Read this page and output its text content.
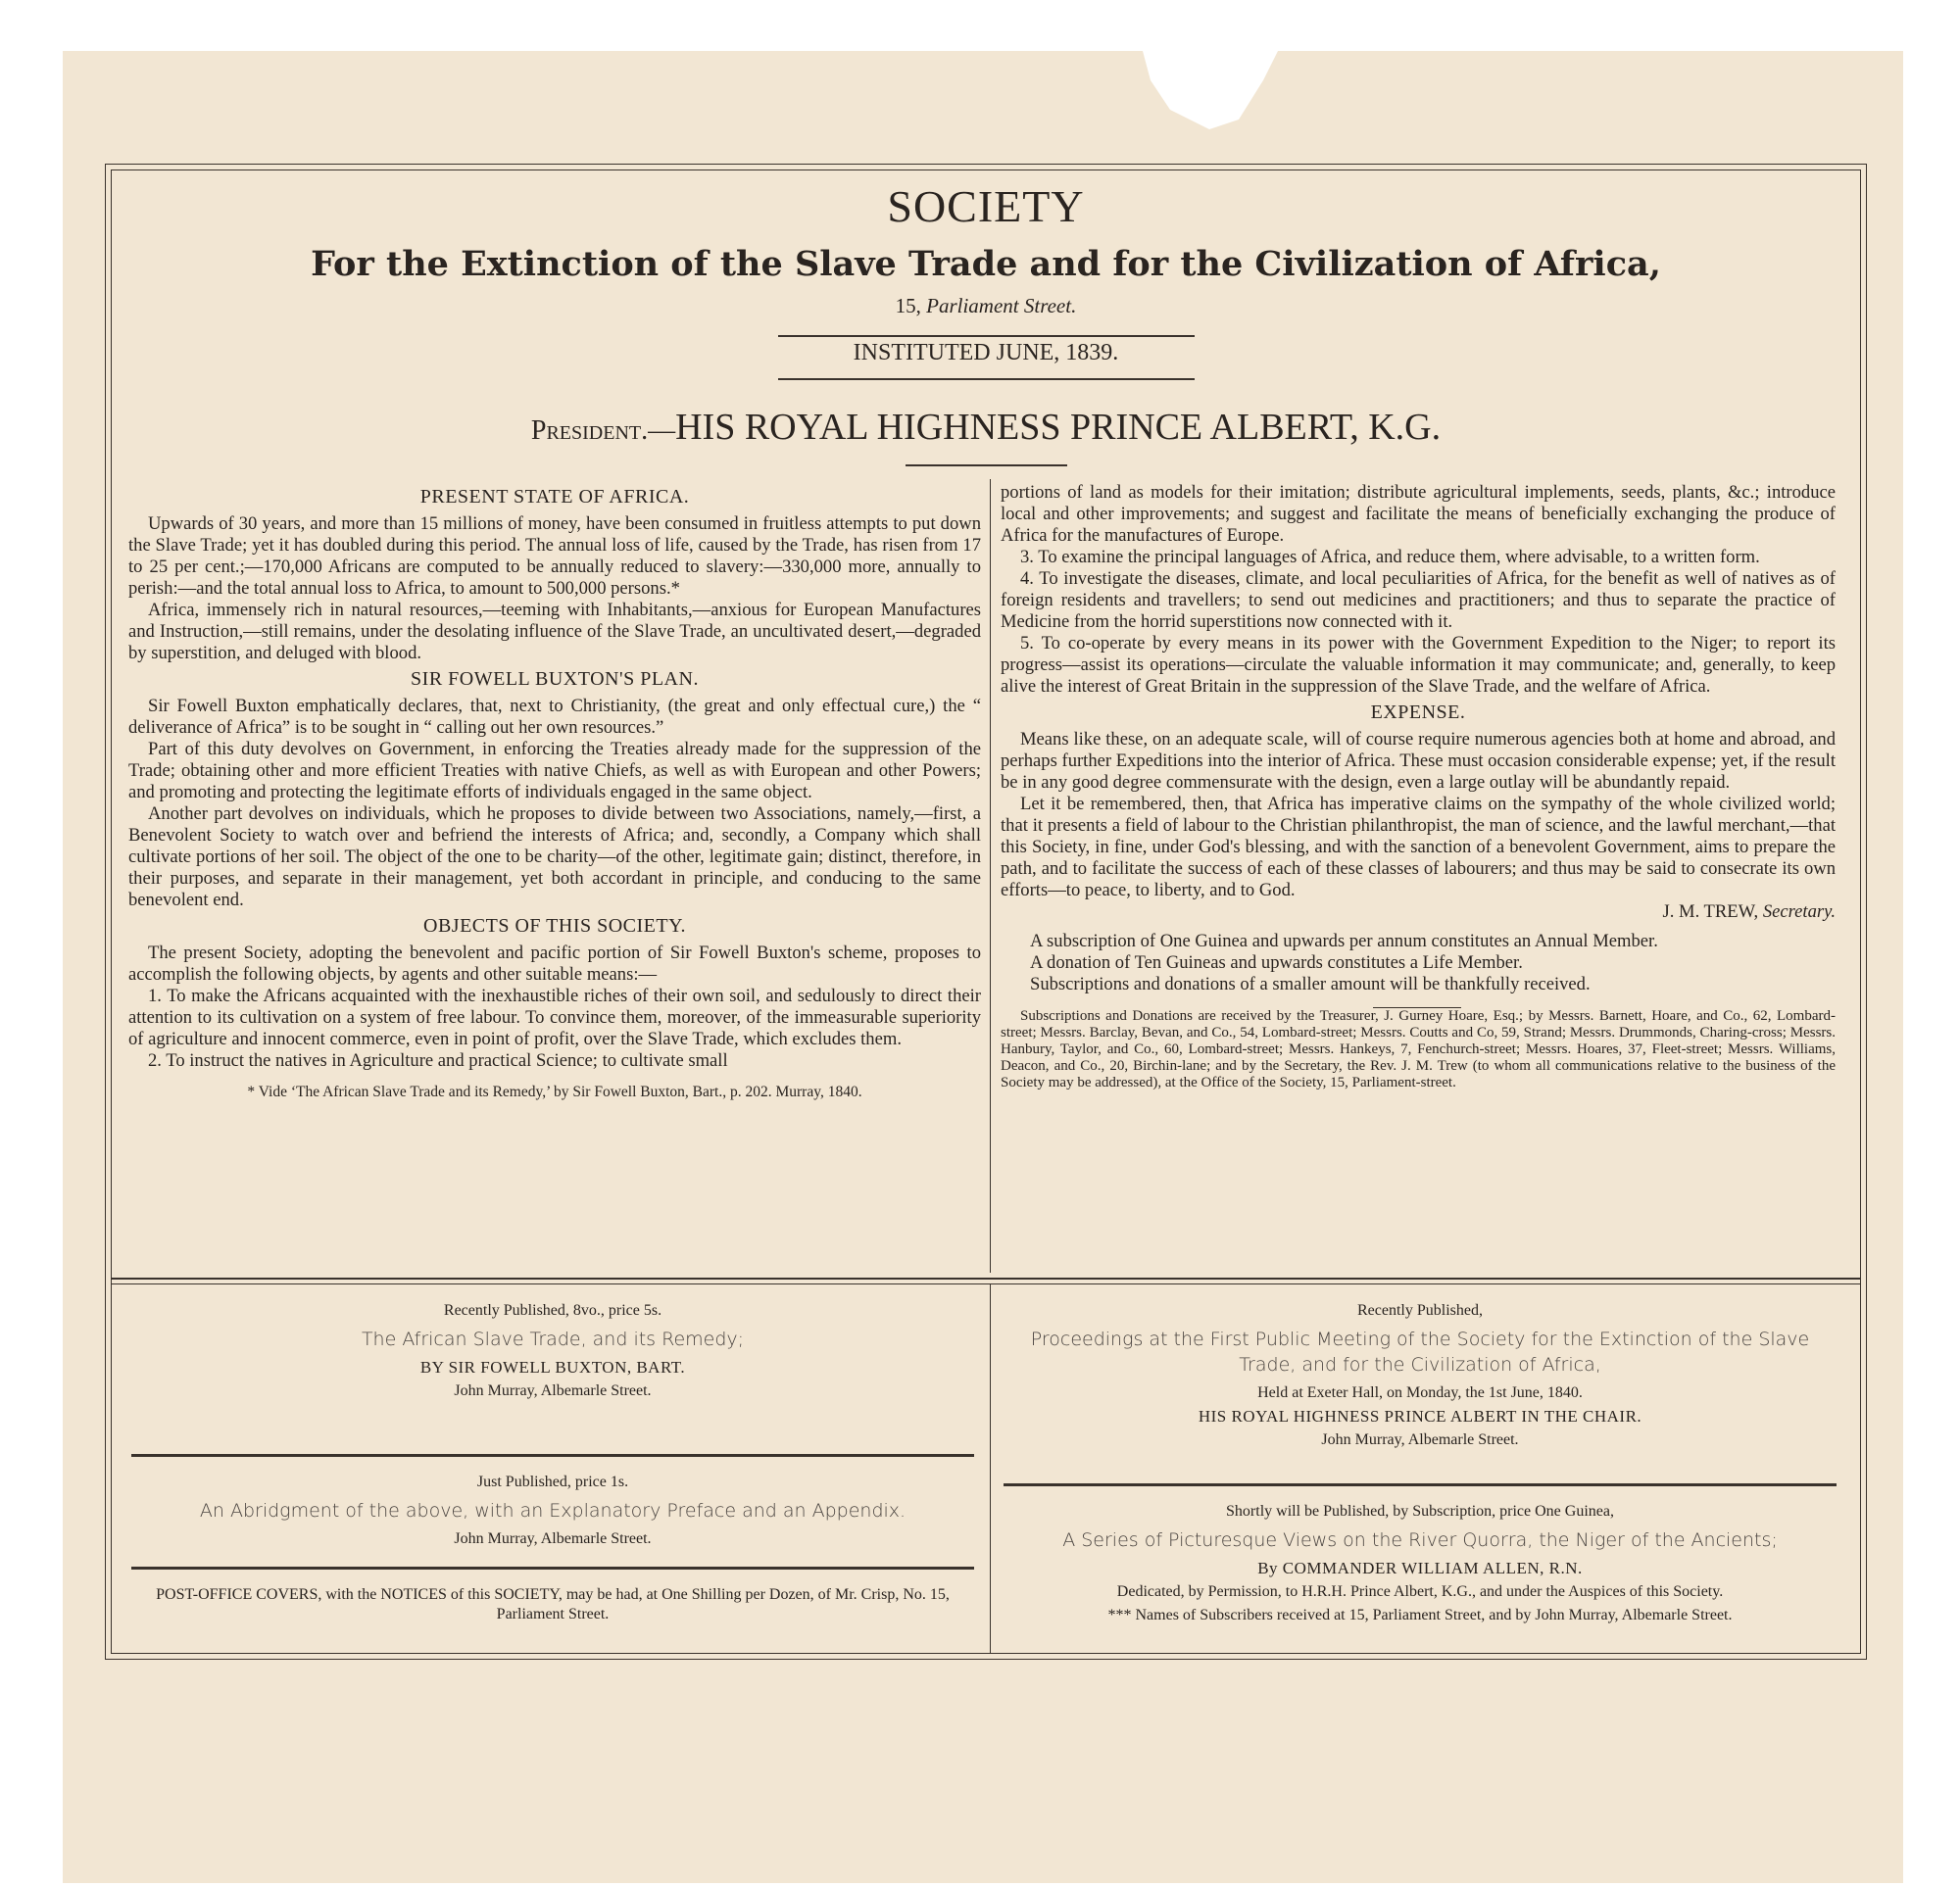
SOCIETY
For the Extinction of the Slave Trade and for the Civilization of Africa,
15, Parliament Street.
INSTITUTED JUNE, 1839.
President.—HIS ROYAL HIGHNESS PRINCE ALBERT, K.G.
PRESENT STATE OF AFRICA.

Upwards of 30 years, and more than 15 millions of money, have been consumed in fruitless attempts to put down the Slave Trade; yet it has doubled during this period. The annual loss of life, caused by the Trade, has risen from 17 to 25 per cent.;—170,000 Africans are computed to be annually reduced to slavery:—330,000 more, annually to perish:—and the total annual loss to Africa, to amount to 500,000 persons.*

Africa, immensely rich in natural resources,—teeming with Inhabitants,—anxious for European Manufactures and Instruction,—still remains, under the desolating influence of the Slave Trade, an uncultivated desert,—degraded by superstition, and deluged with blood.

SIR FOWELL BUXTON'S PLAN.

Sir Fowell Buxton emphatically declares, that, next to Christianity, (the great and only effectual cure,) the “ deliverance of Africa” is to be sought in “ calling out her own resources.”

Part of this duty devolves on Government, in enforcing the Treaties already made for the suppression of the Trade; obtaining other and more efficient Treaties with native Chiefs, as well as with European and other Powers; and promoting and protecting the legitimate efforts of individuals engaged in the same object.

Another part devolves on individuals, which he proposes to divide between two Associations, namely,—first, a Benevolent Society to watch over and befriend the interests of Africa; and, secondly, a Company which shall cultivate portions of her soil. The object of the one to be charity—of the other, legitimate gain; distinct, therefore, in their purposes, and separate in their management, yet both accordant in principle, and conducing to the same benevolent end.

OBJECTS OF THIS SOCIETY.

The present Society, adopting the benevolent and pacific portion of Sir Fowell Buxton's scheme, proposes to accomplish the following objects, by agents and other suitable means:—

1. To make the Africans acquainted with the inexhaustible riches of their own soil, and sedulously to direct their attention to its cultivation on a system of free labour. To convince them, moreover, of the immeasurable superiority of agriculture and innocent commerce, even in point of profit, over the Slave Trade, which excludes them.

2. To instruct the natives in Agriculture and practical Science; to cultivate small

* Vide ‘The African Slave Trade and its Remedy,’ by Sir Fowell Buxton, Bart., p. 202. Murray, 1840.

portions of land as models for their imitation; distribute agricultural implements, seeds, plants, &c.; introduce local and other improvements; and suggest and facilitate the means of beneficially exchanging the produce of Africa for the manufactures of Europe.

3. To examine the principal languages of Africa, and reduce them, where advisable, to a written form.

4. To investigate the diseases, climate, and local peculiarities of Africa, for the benefit as well of natives as of foreign residents and travellers; to send out medicines and practitioners; and thus to separate the practice of Medicine from the horrid superstitions now connected with it.

5. To co-operate by every means in its power with the Government Expedition to the Niger; to report its progress—assist its operations—circulate the valuable information it may communicate; and, generally, to keep alive the interest of Great Britain in the suppression of the Slave Trade, and the welfare of Africa.

EXPENSE.

Means like these, on an adequate scale, will of course require numerous agencies both at home and abroad, and perhaps further Expeditions into the interior of Africa. These must occasion considerable expense; yet, if the result be in any good degree commensurate with the design, even a large outlay will be abundantly repaid.

Let it be remembered, then, that Africa has imperative claims on the sympathy of the whole civilized world; that it presents a field of labour to the Christian philanthropist, the man of science, and the lawful merchant,—that this Society, in fine, under God's blessing, and with the sanction of a benevolent Government, aims to prepare the path, and to facilitate the success of each of these classes of labourers; and thus may be said to consecrate its own efforts—to peace, to liberty, and to God.

J. M. TREW, Secretary.

A subscription of One Guinea and upwards per annum constitutes an Annual Member.

A donation of Ten Guineas and upwards constitutes a Life Member.

Subscriptions and donations of a smaller amount will be thankfully received.

Subscriptions and Donations are received by the Treasurer, J. Gurney Hoare, Esq.; by Messrs. Barnett, Hoare, and Co., 62, Lombard-street; Messrs. Barclay, Bevan, and Co., 54, Lombard-street; Messrs. Coutts and Co, 59, Strand; Messrs. Drummonds, Charing-cross; Messrs. Hanbury, Taylor, and Co., 60, Lombard-street; Messrs. Hankeys, 7, Fenchurch-street; Messrs. Hoares, 37, Fleet-street; Messrs. Williams, Deacon, and Co., 20, Birchin-lane; and by the Secretary, the Rev. J. M. Trew (to whom all communications relative to the business of the Society may be addressed), at the Office of the Society, 15, Parliament-street.

Recently Published, 8vo., price 5s.
The African Slave Trade, and its Remedy;
BY SIR FOWELL BUXTON, BART.
John Murray, Albemarle Street.
Just Published, price 1s.
An Abridgment of the above, with an Explanatory Preface and an Appendix.
John Murray, Albemarle Street.
POST-OFFICE COVERS, with the NOTICES of this SOCIETY, may be had, at One Shilling per Dozen, of Mr. Crisp, No. 15, Parliament Street.
Recently Published,
Proceedings at the First Public Meeting of the Society for the Extinction of the Slave Trade, and for the Civilization of Africa,
Held at Exeter Hall, on Monday, the 1st June, 1840.
HIS ROYAL HIGHNESS PRINCE ALBERT IN THE CHAIR.
John Murray, Albemarle Street.
Shortly will be Published, by Subscription, price One Guinea,
A Series of Picturesque Views on the River Quorra, the Niger of the Ancients;
By COMMANDER WILLIAM ALLEN, R.N.
Dedicated, by Permission, to H.R.H. Prince Albert, K.G., and under the Auspices of this Society.
*** Names of Subscribers received at 15, Parliament Street, and by John Murray, Albemarle Street.
